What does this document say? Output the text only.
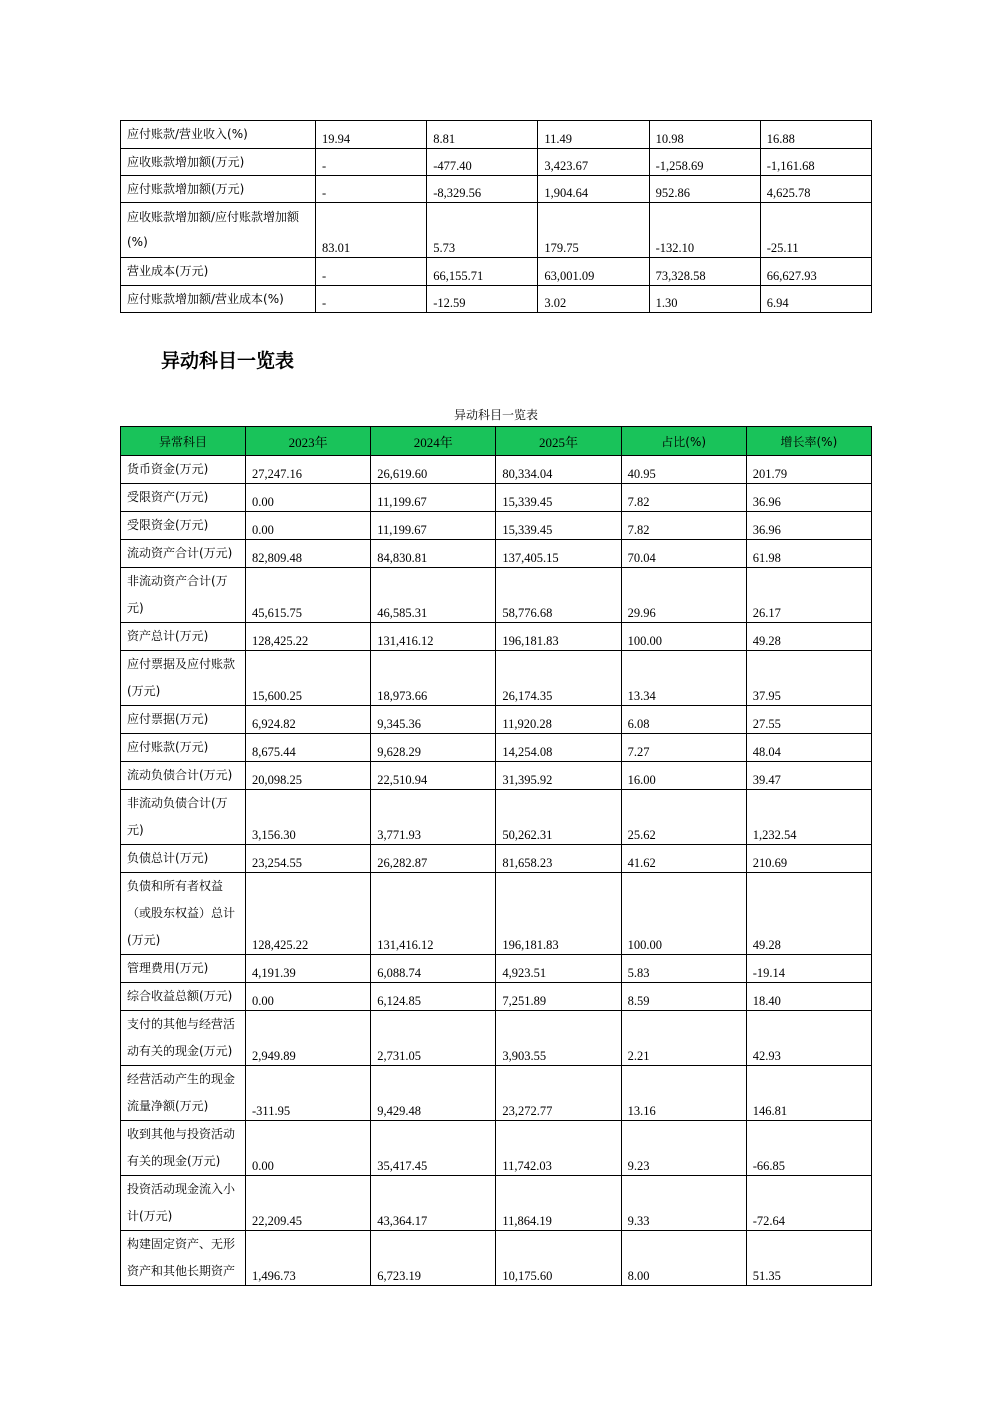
应付账款/营业收入(%)	19.94	8.81	11.49	10.98	16.88
应收账款增加额(万元)	-	-477.40	3,423.67	-1,258.69	-1,161.68
应付账款增加额(万元)	-	-8,329.56	1,904.64	952.86	4,625.78
应收账款增加额/应付账款增加额(%)	83.01	5.73	179.75	-132.10	-25.11
营业成本(万元)	-	66,155.71	63,001.09	73,328.58	66,627.93
应付账款增加额/营业成本(%)	-	-12.59	3.02	1.30	6.94
异动科目一览表
异动科目一览表
异常科目	2023年	2024年	2025年	占比(%)	增长率(%)
货币资金(万元)	27,247.16	26,619.60	80,334.04	40.95	201.79
受限资产(万元)	0.00	11,199.67	15,339.45	7.82	36.96
受限资金(万元)	0.00	11,199.67	15,339.45	7.82	36.96
流动资产合计(万元)	82,809.48	84,830.81	137,405.15	70.04	61.98
非流动资产合计(万元)	45,615.75	46,585.31	58,776.68	29.96	26.17
资产总计(万元)	128,425.22	131,416.12	196,181.83	100.00	49.28
应付票据及应付账款(万元)	15,600.25	18,973.66	26,174.35	13.34	37.95
应付票据(万元)	6,924.82	9,345.36	11,920.28	6.08	27.55
应付账款(万元)	8,675.44	9,628.29	14,254.08	7.27	48.04
流动负债合计(万元)	20,098.25	22,510.94	31,395.92	16.00	39.47
非流动负债合计(万元)	3,156.30	3,771.93	50,262.31	25.62	1,232.54
负债总计(万元)	23,254.55	26,282.87	81,658.23	41.62	210.69
负债和所有者权益（或股东权益）总计(万元)	128,425.22	131,416.12	196,181.83	100.00	49.28
管理费用(万元)	4,191.39	6,088.74	4,923.51	5.83	-19.14
综合收益总额(万元)	0.00	6,124.85	7,251.89	8.59	18.40
支付的其他与经营活动有关的现金(万元)	2,949.89	2,731.05	3,903.55	2.21	42.93
经营活动产生的现金流量净额(万元)	-311.95	9,429.48	23,272.77	13.16	146.81
收到其他与投资活动有关的现金(万元)	0.00	35,417.45	11,742.03	9.23	-66.85
投资活动现金流入小计(万元)	22,209.45	43,364.17	11,864.19	9.33	-72.64
构建固定资产、无形资产和其他长期资产	1,496.73	6,723.19	10,175.60	8.00	51.35
